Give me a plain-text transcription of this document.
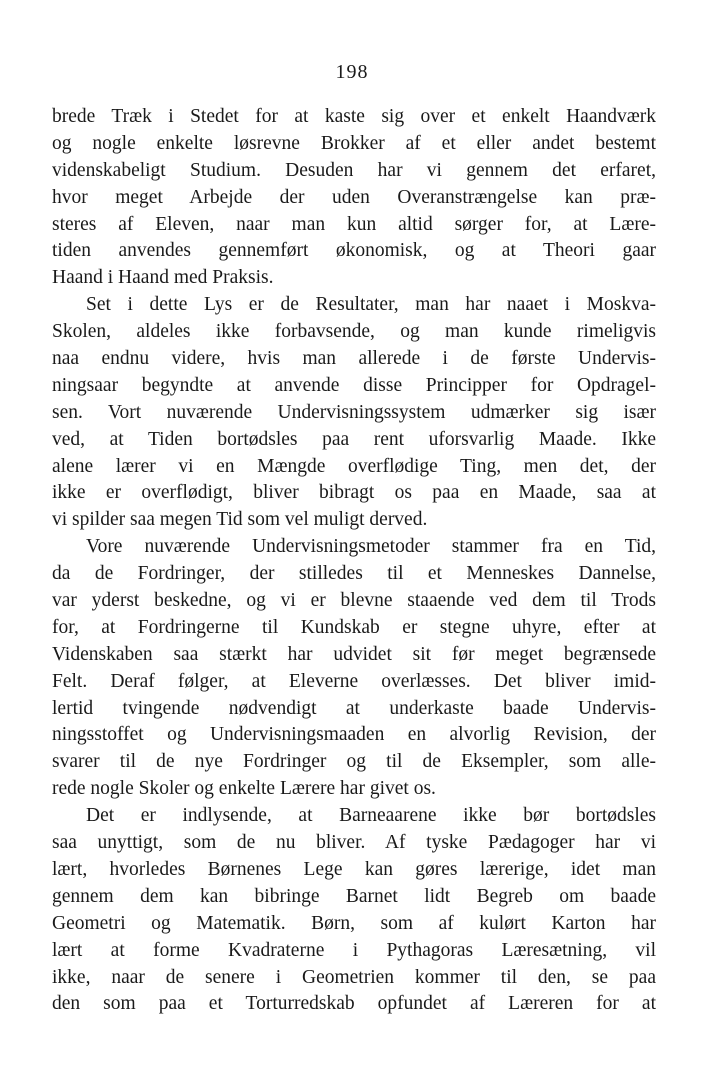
198
brede Træk i Stedet for at kaste sig over et enkelt Haandværk
og nogle enkelte løsrevne Brokker af et eller andet bestemt
videnskabeligt Studium. Desuden har vi gennem det erfaret,
hvor meget Arbejde der uden Overanstrængelse kan præ-
steres af Eleven, naar man kun altid sørger for, at Lære-
tiden anvendes gennemført økonomisk, og at Theori gaar
Haand i Haand med Praksis.
Set i dette Lys er de Resultater, man har naaet i Moskva-
Skolen, aldeles ikke forbavsende, og man kunde rimeligvis
naa endnu videre, hvis man allerede i de første Undervis-
ningsaar begyndte at anvende disse Principper for Opdragel-
sen. Vort nuværende Undervisningssystem udmærker sig især
ved, at Tiden bortødsles paa rent uforsvarlig Maade. Ikke
alene lærer vi en Mængde overflødige Ting, men det, der
ikke er overflødigt, bliver bibragt os paa en Maade, saa at
vi spilder saa megen Tid som vel muligt derved.
Vore nuværende Undervisningsmetoder stammer fra en Tid,
da de Fordringer, der stilledes til et Menneskes Dannelse,
var yderst beskedne, og vi er blevne staaende ved dem til Trods
for, at Fordringerne til Kundskab er stegne uhyre, efter at
Videnskaben saa stærkt har udvidet sit før meget begrænsede
Felt. Deraf følger, at Eleverne overlæsses. Det bliver imid-
lertid tvingende nødvendigt at underkaste baade Undervis-
ningsstoffet og Undervisningsmaaden en alvorlig Revision, der
svarer til de nye Fordringer og til de Eksempler, som alle-
rede nogle Skoler og enkelte Lærere har givet os.
Det er indlysende, at Barneaarene ikke bør bortødsles
saa unyttigt, som de nu bliver. Af tyske Pædagoger har vi
lært, hvorledes Børnenes Lege kan gøres lærerige, idet man
gennem dem kan bibringe Barnet lidt Begreb om baade
Geometri og Matematik. Børn, som af kulørt Karton har
lært at forme Kvadraterne i Pythagoras Læresætning, vil
ikke, naar de senere i Geometrien kommer til den, se paa
den som paa et Torturredskab opfundet af Læreren for at
